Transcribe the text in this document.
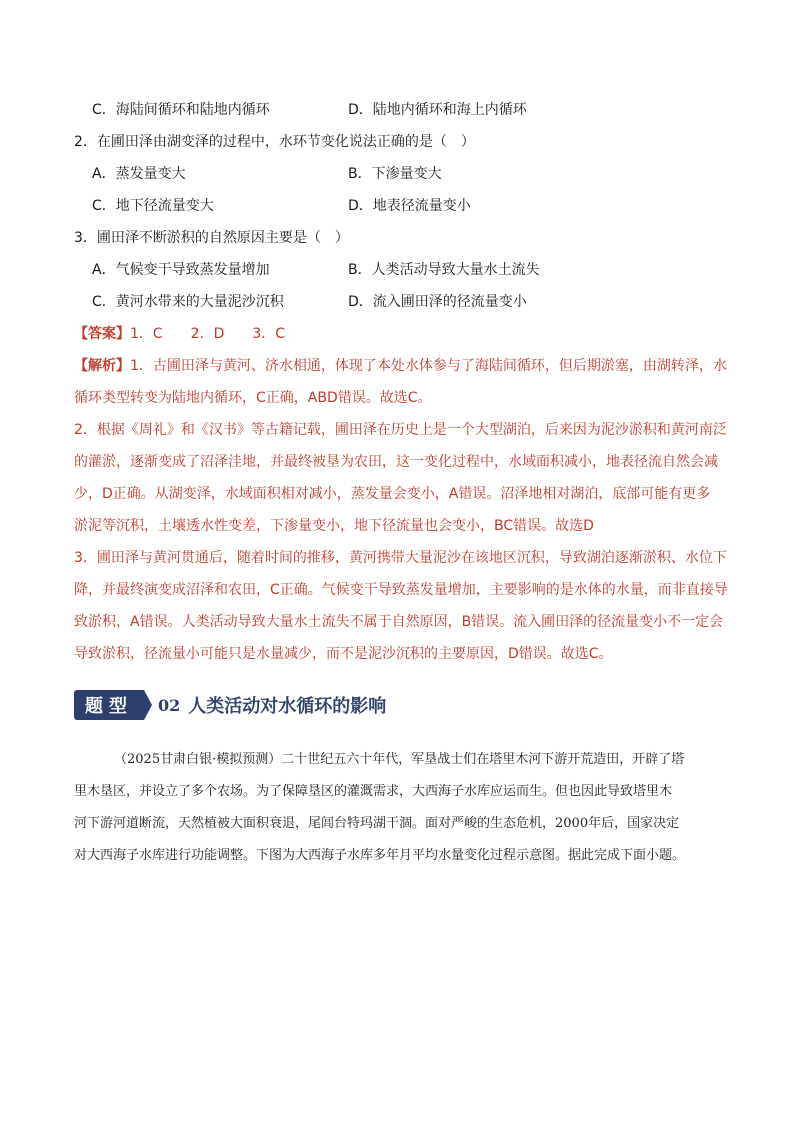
C．海陆间循环和陆地内循环	D．陆地内循环和海上内循环
2．在圃田泽由湖变泽的过程中，水环节变化说法正确的是（　）
A．蒸发量变大	B．下渗量变大
C．地下径流量变大	D．地表径流量变小
3．圃田泽不断淤积的自然原因主要是（　）
A．气候变干导致蒸发量增加	B．人类活动导致大量水土流失
C．黄河水带来的大量泥沙沉积	D．流入圃田泽的径流量变小
【答案】1．C　　2．D　　3．C
【解析】1．古圃田泽与黄河、济水相通，体现了本处水体参与了海陆间循环，但后期淤塞，由湖转泽，水
循环类型转变为陆地内循环，C正确，ABD错误。故选C。
2．根据《周礼》和《汉书》等古籍记载，圃田泽在历史上是一个大型湖泊，后来因为泥沙淤积和黄河南泛
的灌淤，逐渐变成了沼泽洼地，并最终被垦为农田，这一变化过程中，水域面积减小，地表径流自然会减
少，D正确。从湖变泽，水域面积相对减小，蒸发量会变小，A错误。沼泽地相对湖泊，底部可能有更多
淤泥等沉积，土壤透水性变差，下渗量变小，地下径流量也会变小，BC错误。故选D
3．圃田泽与黄河贯通后，随着时间的推移，黄河携带大量泥沙在该地区沉积，导致湖泊逐渐淤积、水位下
降，并最终演变成沼泽和农田，C正确。气候变干导致蒸发量增加，主要影响的是水体的水量，而非直接导
致淤积，A错误。人类活动导致大量水土流失不属于自然原因，B错误。流入圃田泽的径流量变小不一定会
导致淤积，径流量小可能只是水量减少，而不是泥沙沉积的主要原因，D错误。故选C。
题型	02 人类活动对水循环的影响
（2025甘肃白银·模拟预测）二十世纪五六十年代，军垦战士们在塔里木河下游开荒造田，开辟了塔
里木垦区，并设立了多个农场。为了保障垦区的灌溉需求，大西海子水库应运而生。但也因此导致塔里木
河下游河道断流，天然植被大面积衰退，尾闾台特玛湖干涸。面对严峻的生态危机，2000年后，国家决定
对大西海子水库进行功能调整。下图为大西海子水库多年月平均水量变化过程示意图。据此完成下面小题。
